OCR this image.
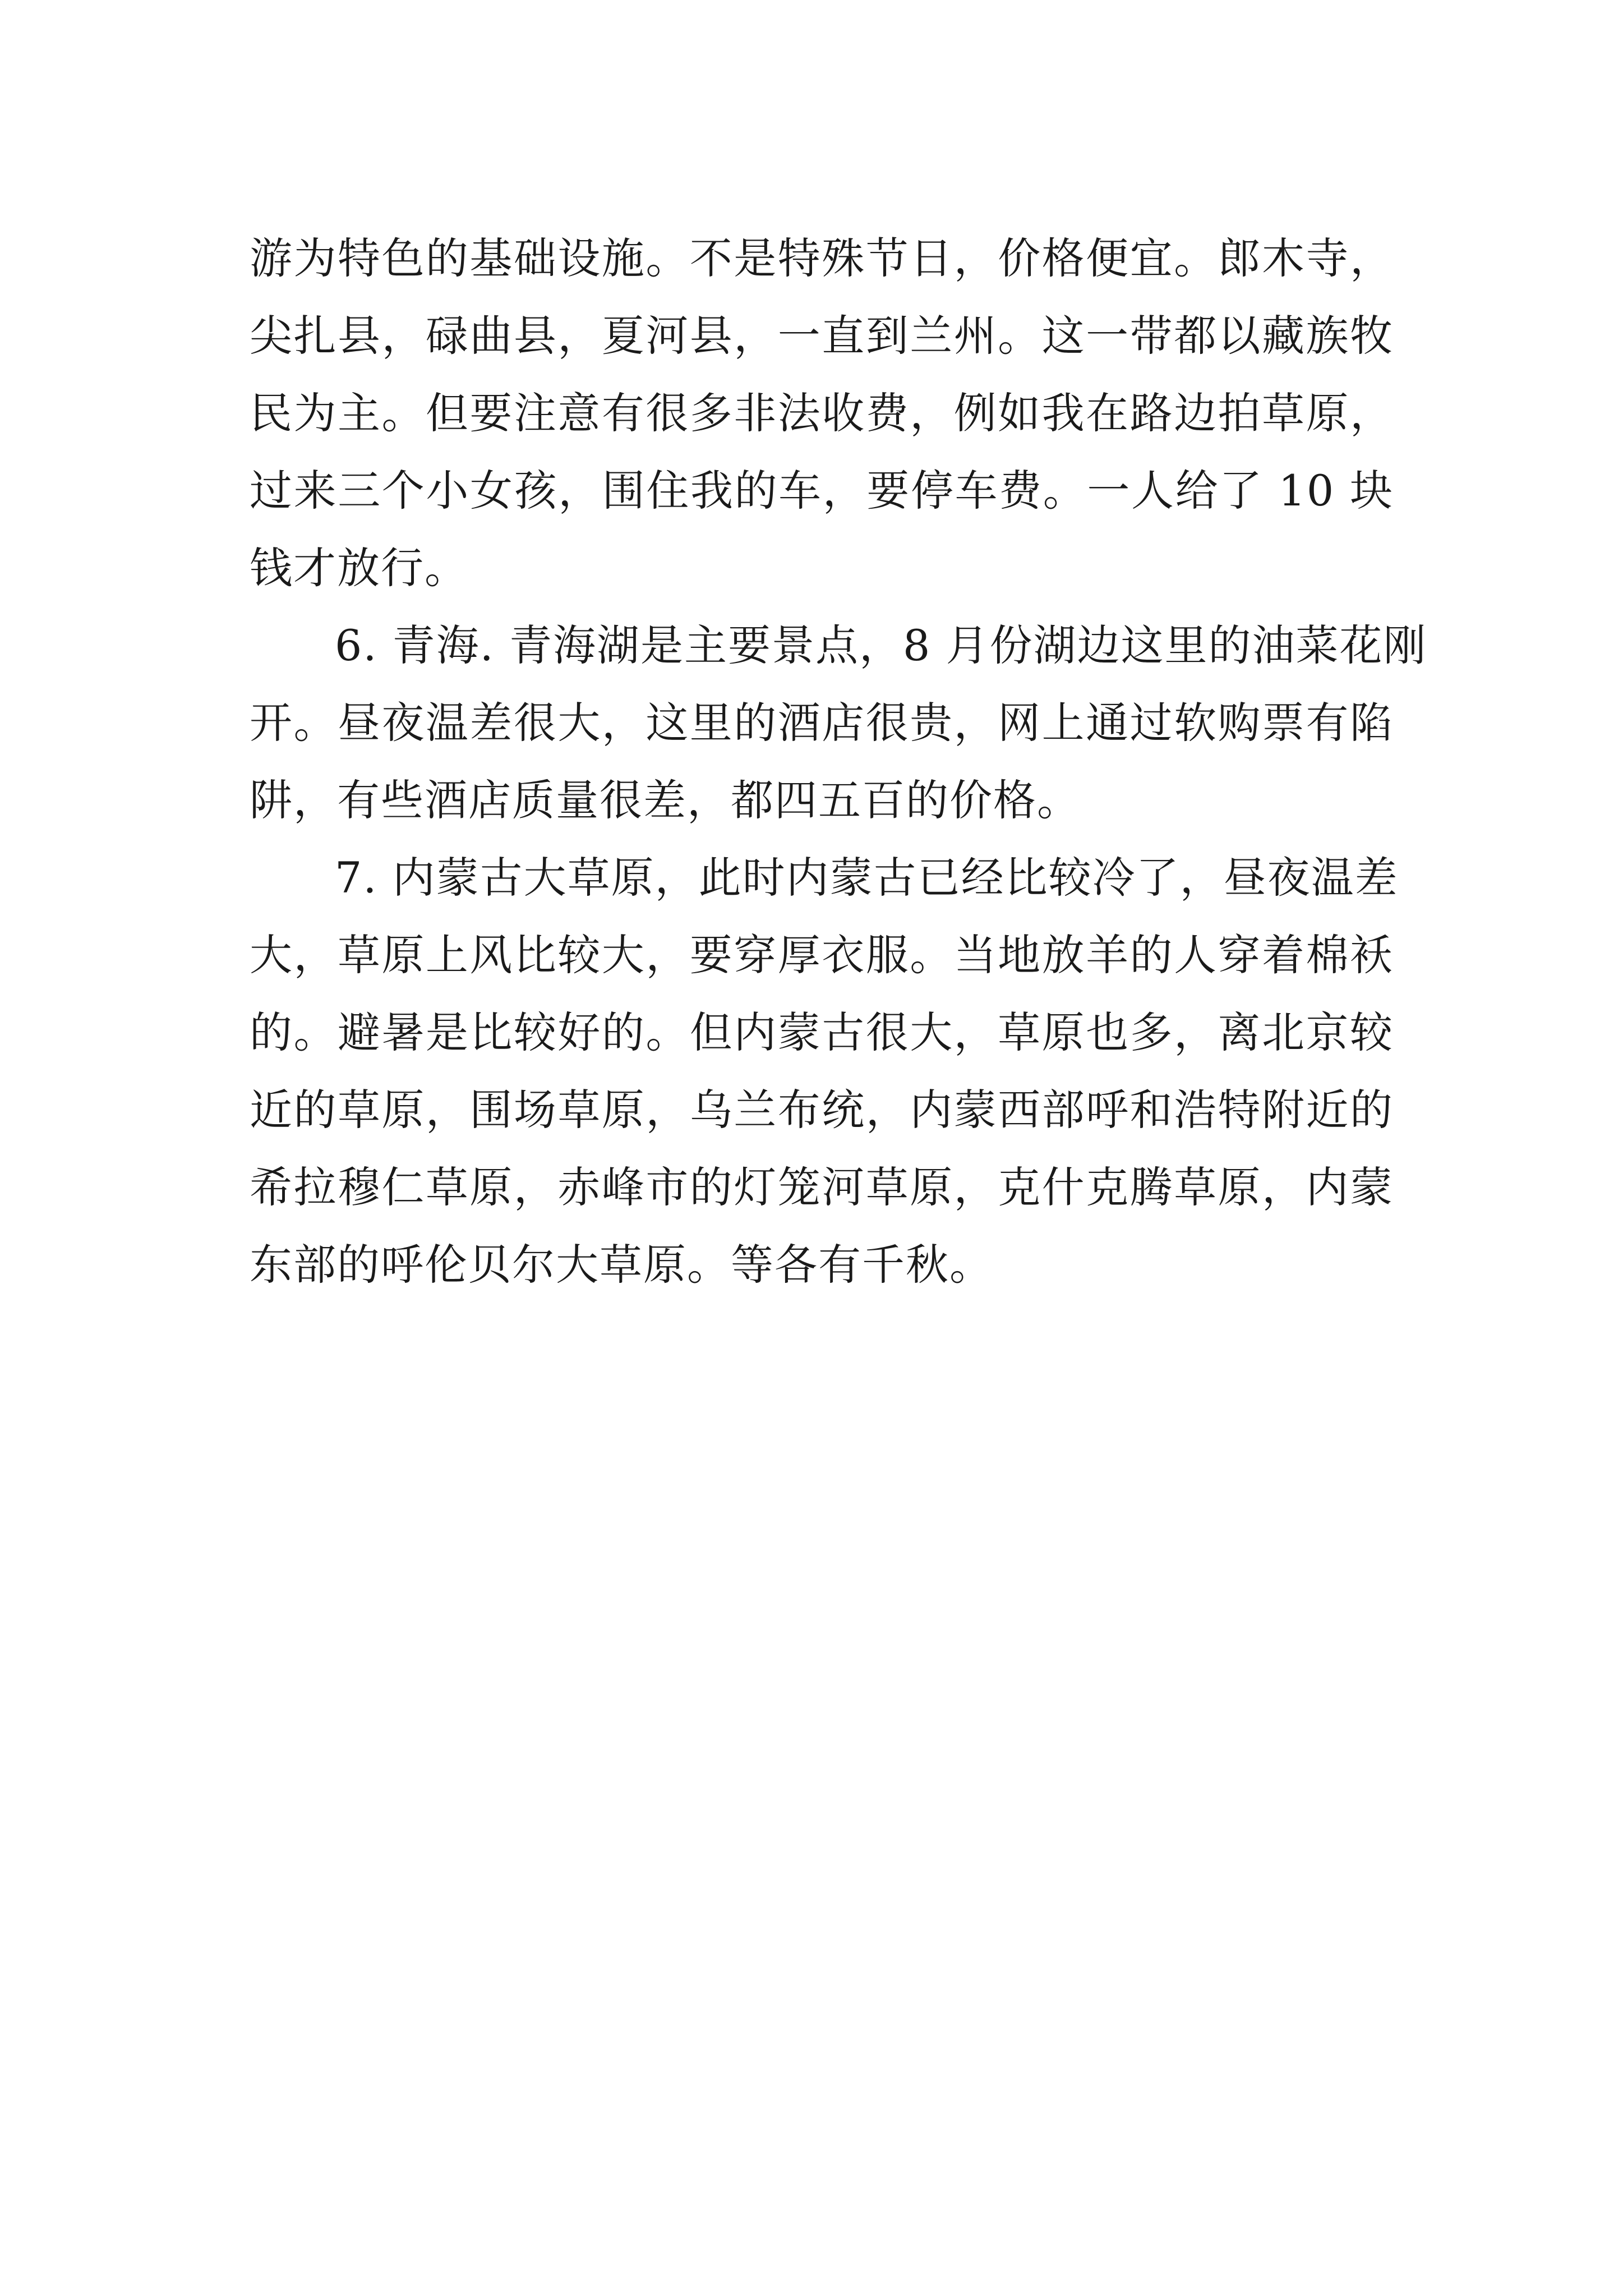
游为特色的基础设施。不是特殊节日，价格便宜。郎木寺，
尖扎县，碌曲县，夏河县，一直到兰州。这一带都以藏族牧
民为主。但要注意有很多非法收费，例如我在路边拍草原，
过来三个小女孩，围住我的车，要停车费。一人给了 10 块
钱才放行。

6. 青海. 青海湖是主要景点，8 月份湖边这里的油菜花刚
开。昼夜温差很大，这里的酒店很贵，网上通过软购票有陷
阱，有些酒店质量很差，都四五百的价格。

7. 内蒙古大草原，此时内蒙古已经比较冷了，昼夜温差
大，草原上风比较大，要穿厚衣服。当地放羊的人穿着棉袄
的。避暑是比较好的。但内蒙古很大，草原也多，离北京较
近的草原，围场草原，乌兰布统，内蒙西部呼和浩特附近的
希拉穆仁草原，赤峰市的灯笼河草原，克什克腾草原，内蒙
东部的呼伦贝尔大草原。等各有千秋。
